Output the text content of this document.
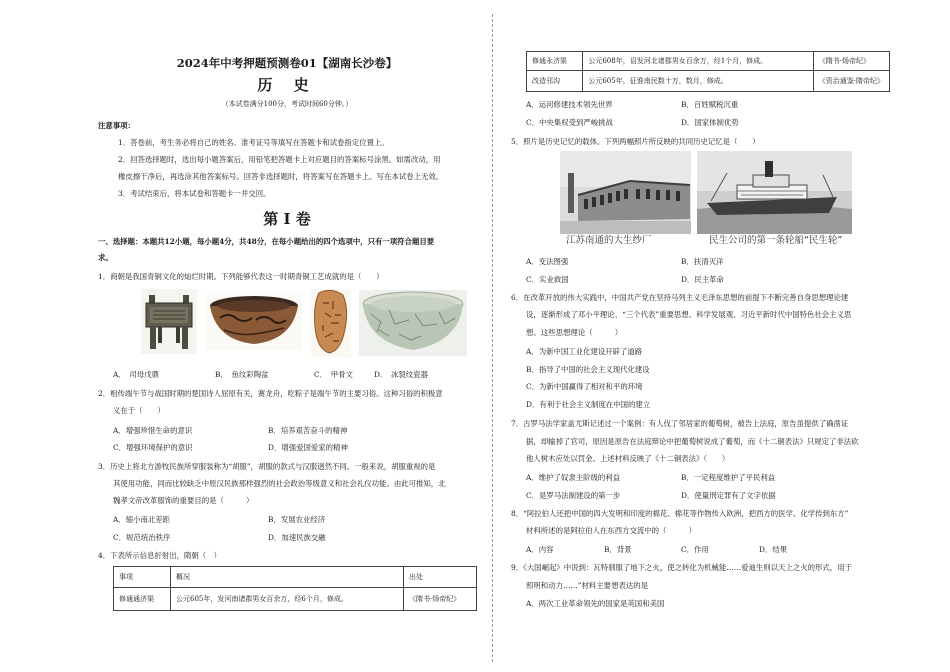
2024年中考押题预测卷01【湖南长沙卷】
历 史
（本试卷满分100分，考试时间60分钟。）
注意事项：
1．答卷前，考生务必将自己的姓名、准考证号等填写在答题卡和试卷指定位置上。
2．回答选择题时，选出每小题答案后，用铅笔把答题卡上对应题目的答案标号涂黑。如需改动，用
橡皮擦干净后，再选涂其他答案标号。回答非选择题时，将答案写在答题卡上。写在本试卷上无效。
3．考试结束后，将本试卷和答题卡一并交回。
第 Ⅰ 卷
一、选择题：本题共12小题，每小题4分，共48分，在每小题给出的四个选项中，只有一项符合题目要
求。
1．商朝是我国青铜文化的灿烂时期。下列能够代表这一时期青铜工艺成就的是（　　）
A．　司母戊鼎	B．　鱼纹彩陶盆	C．　甲骨文	D．　冰裂纹瓷器
2．相传端午节与战国时期的楚国诗人屈原有关，赛龙舟，吃粽子是端午节的主要习俗。这种习俗的积极意
义在于（　　）
A．增强珍惜生命的意识	B．培养艰苦奋斗的精神
C．增强环境保护的意识	D．增强爱国爱家的精神
3．历史上将北方游牧民族所穿服装称为“胡服”，胡服的款式与汉服迥然不同。一般来说，胡服重视的是
其使用功能，同而比较缺乏中原汉民族那样强烈的社会政治等级意义和社会礼仪功能。由此可推知，北
魏孝文帝改革服饰的重要目的是（　　　）
A．缩小南北差距	B．发展农业经济
C．规范统治秩序	D．加速民族交融
4．下表所示信息折射出，隋朝（　）
事项	概况	出处
修通通济渠	公元605年，发河南诸郡男女百余万，经6个月，修成。	《隋书·炀帝纪》
修通永济渠	公元608年，诏发河北诸郡男女百余万，经1个月，修成。	《隋书·炀帝纪》
改造邗沟	公元605年，征淮南民数十万，数月，修成。	《资治通鉴·隋帝纪》
A．运河修建技术领先世界	B．百姓赋税沉重
C．中央集权受到严峻挑战	D．国家体制优势
5．照片是历史记忆的载体。下列两幅照片所反映的共同历史记忆是（　　）
江苏南通的大生纱厂	民生公司的第一条轮船“民生轮”
A．变法图强	B．扶清灭洋
C．实业救国	D．民主革命
6．在改革开放的伟大实践中，中国共产党在坚持马列主义毛泽东思想的前提下不断完善自身思想理论建
设，逐渐形成了邓小平理论、“三个代表”重要思想、科学发展观、习近平新时代中国特色社会主义思
想。这些思想理论（　　　）
A．为新中国工业化建设开辟了道路
B．指导了中国的社会主义现代化建设
C．为新中国赢得了相对和平的环境
D．有利于社会主义制度在中国的建立
7．古罗马法学家盖尤斯记述过一个案例：有人伐了邻居家的葡萄树，被告上法庭，原告虽提供了确凿证
据，却输掉了官司，原因是原告在法庭辩论中把葡萄树说成了葡萄，而《十二铜表法》只规定了非法砍
他人树木应处以罚金。上述材料反映了《十二铜表法》（　　）
A．维护了奴隶主阶级的利益	B．一定程度维护了平民利益
C．是罗马法制建设的第一步	D．使量刑定罪有了文字依据
8．“阿拉伯人还把中国的四大发明和印度的棉花、棉花等作物传入欧洲，把西方的医学、化学传到东方”
材料所述的是阿拉伯人在东西方交流中的（　　　）
A．内容	B．背景	C．作用	D．结果
9．《大国崛起》中说到：瓦特驯服了地下之火，使之转化为机械能……爱迪生则以天上之火的形式，用于
照明和动力……”材料主要想表达的是
A．两次工业革命领先的国家是英国和美国
